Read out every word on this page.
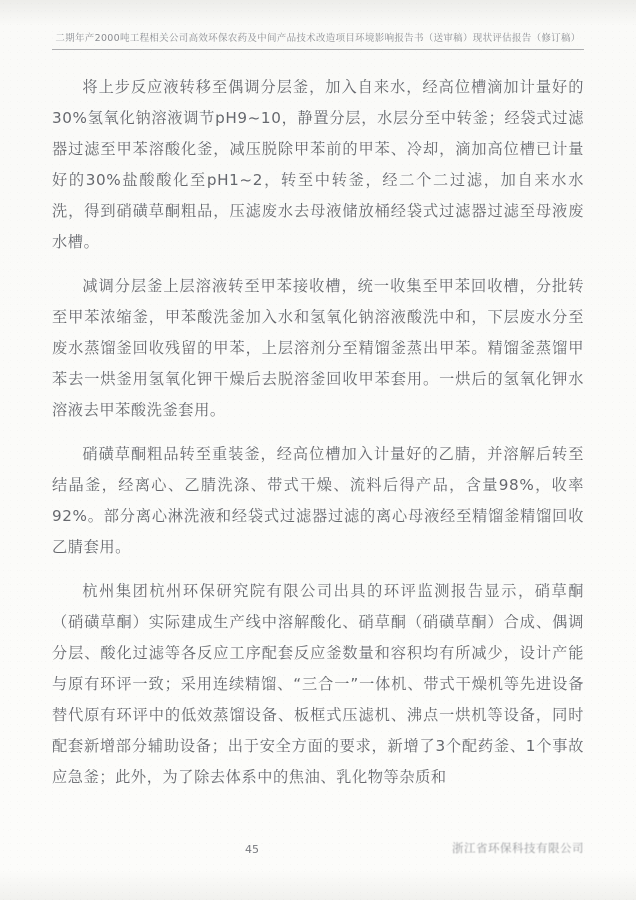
二期年产2000吨工程相关公司高效环保农药及中间产品技术改造项目环境影响报告书（送审稿）现状评估报告（修订稿）

将上步反应液转移至偶调分层釜，加入自来水，经高位槽滴加计量好的30%氢氧化钠溶液调节pH9~10，静置分层，水层分至中转釜；经袋式过滤器过滤至甲苯溶酸化釜，减压脱除甲苯前的甲苯、冷却，滴加高位槽已计量好的30%盐酸酸化至pH1~2，转至中转釜，经二个二过滤，加自来水水洗，得到硝磺草酮粗品，压滤废水去母液储放桶经袋式过滤器过滤至母液废水槽。

减调分层釜上层溶液转至甲苯接收槽，统一收集至甲苯回收槽，分批转至甲苯浓缩釜，甲苯酸洗釜加入水和氢氧化钠溶液酸洗中和，下层废水分至废水蒸馏釜回收残留的甲苯，上层溶剂分至精馏釜蒸出甲苯。精馏釜蒸馏甲苯去一烘釜用氢氧化钾干燥后去脱溶釜回收甲苯套用。一烘后的氢氧化钾水溶液去甲苯酸洗釜套用。

硝磺草酮粗品转至重装釜，经高位槽加入计量好的乙腈，并溶解后转至结晶釜，经离心、乙腈洗涤、带式干燥、流料后得产品，含量98%，收率92%。部分离心淋洗液和经袋式过滤器过滤的离心母液经至精馏釜精馏回收乙腈套用。

杭州集团杭州环保研究院有限公司出具的环评监测报告显示，硝草酮（硝磺草酮）实际建成生产线中溶解酸化、硝草酮（硝磺草酮）合成、偶调分层、酸化过滤等各反应工序配套反应釜数量和容积均有所减少，设计产能与原有环评一致；采用连续精馏、“三合一”一体机、带式干燥机等先进设备替代原有环评中的低效蒸馏设备、板框式压滤机、沸点一烘机等设备，同时配套新增部分辅助设备；出于安全方面的要求，新增了3个配药釜、1个事故应急釜；此外，为了除去体系中的焦油、乳化物等杂质和

45	浙江省环保科技有限公司
